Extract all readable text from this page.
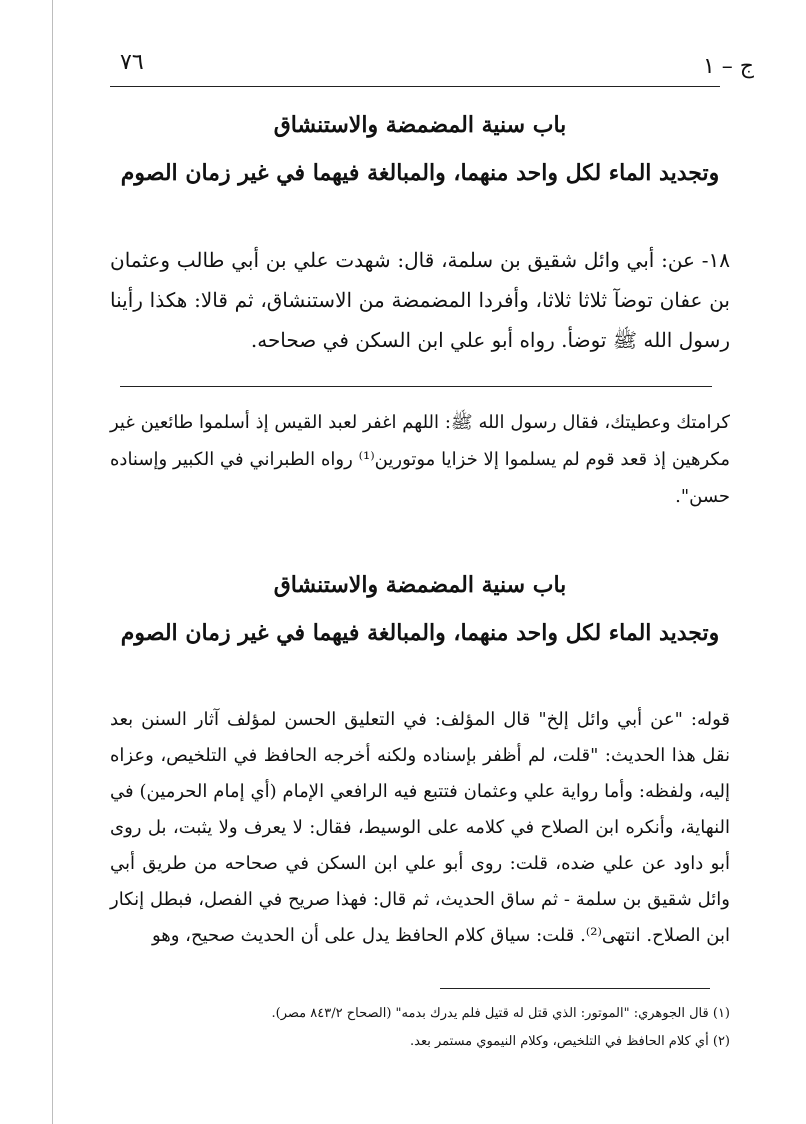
٧٦	ج – ١

باب سنية المضمضة والاستنشاق

وتجديد الماء لكل واحد منهما، والمبالغة فيهما في غير زمان الصوم

١٨- عن: أبي وائل شقيق بن سلمة، قال: شهدت علي بن أبي طالب وعثمان بن عفان توضآ ثلاثا ثلاثا، وأفردا المضمضة من الاستنشاق، ثم قالا: هكذا رأينا رسول الله ﷺ توضأ. رواه أبو علي ابن السكن في صحاحه.

كرامتك وعطيتك، فقال رسول الله ﷺ: اللهم اغفر لعبد القيس إذ أسلموا طائعين غير مكرهين إذ قعد قوم لم يسلموا إلا خزايا موتورين⁽¹⁾ رواه الطبراني في الكبير وإسناده حسن".

باب سنية المضمضة والاستنشاق

وتجديد الماء لكل واحد منهما، والمبالغة فيهما في غير زمان الصوم

قوله: "عن أبي وائل إلخ" قال المؤلف: في التعليق الحسن لمؤلف آثار السنن بعد نقل هذا الحديث: "قلت، لم أظفر بإسناده ولكنه أخرجه الحافظ في التلخيص، وعزاه إليه، ولفظه: وأما رواية علي وعثمان فتتبع فيه الرافعي الإمام (أي إمام الحرمين) في النهاية، وأنكره ابن الصلاح في كلامه على الوسيط، فقال: لا يعرف ولا يثبت، بل روى أبو داود عن علي ضده، قلت: روى أبو علي ابن السكن في صحاحه من طريق أبي وائل شقيق بن سلمة - ثم ساق الحديث، ثم قال: فهذا صريح في الفصل، فبطل إنكار ابن الصلاح. انتهى⁽²⁾. قلت: سياق كلام الحافظ يدل على أن الحديث صحيح، وهو

(١) قال الجوهري: "الموتور: الذي قتل له قتيل فلم يدرك بدمه" (الصحاح ٨٤٣/٢ مصر).

(٢) أي كلام الحافظ في التلخيص، وكلام النيموي مستمر بعد.
